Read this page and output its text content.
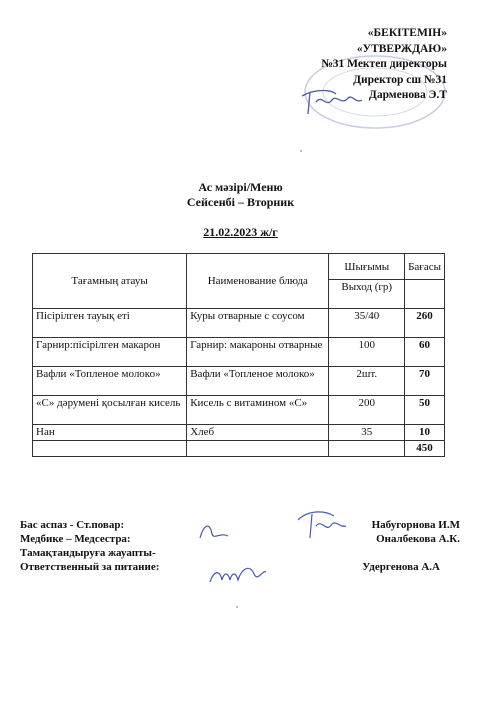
«БЕКІТЕМІН»
«УТВЕРЖДАЮ»
№31 Мектеп директоры
Директор сш №31
Дарменова Э.Т
Ас мәзірі/Меню
Сейсенбі – Вторник
21.02.2023 ж/г
Тағамның атауы	Наименование блюда	Шығымы	Бағасы
		Выход (гр)	
Пісірілген тауық еті	Куры отварные с соусом	35/40	260
Гарнир:пісірілген макарон	Гарнир: макароны отварные	100	60
Вафли «Топленое молоко»	Вафли «Топленое молоко»	2шт.	70
«С» дәрумені қосылған кисель	Кисель с витамином «С»	200	50
Нан	Хлеб	35	10
			450
Бас аспаз - Ст.повар:	Набугорнова И.М
Медбике – Медсестра:	Оналбекова А.К.
Тамақтандыруға жауапты-
Ответственный за питание:	Удергенова А.А
